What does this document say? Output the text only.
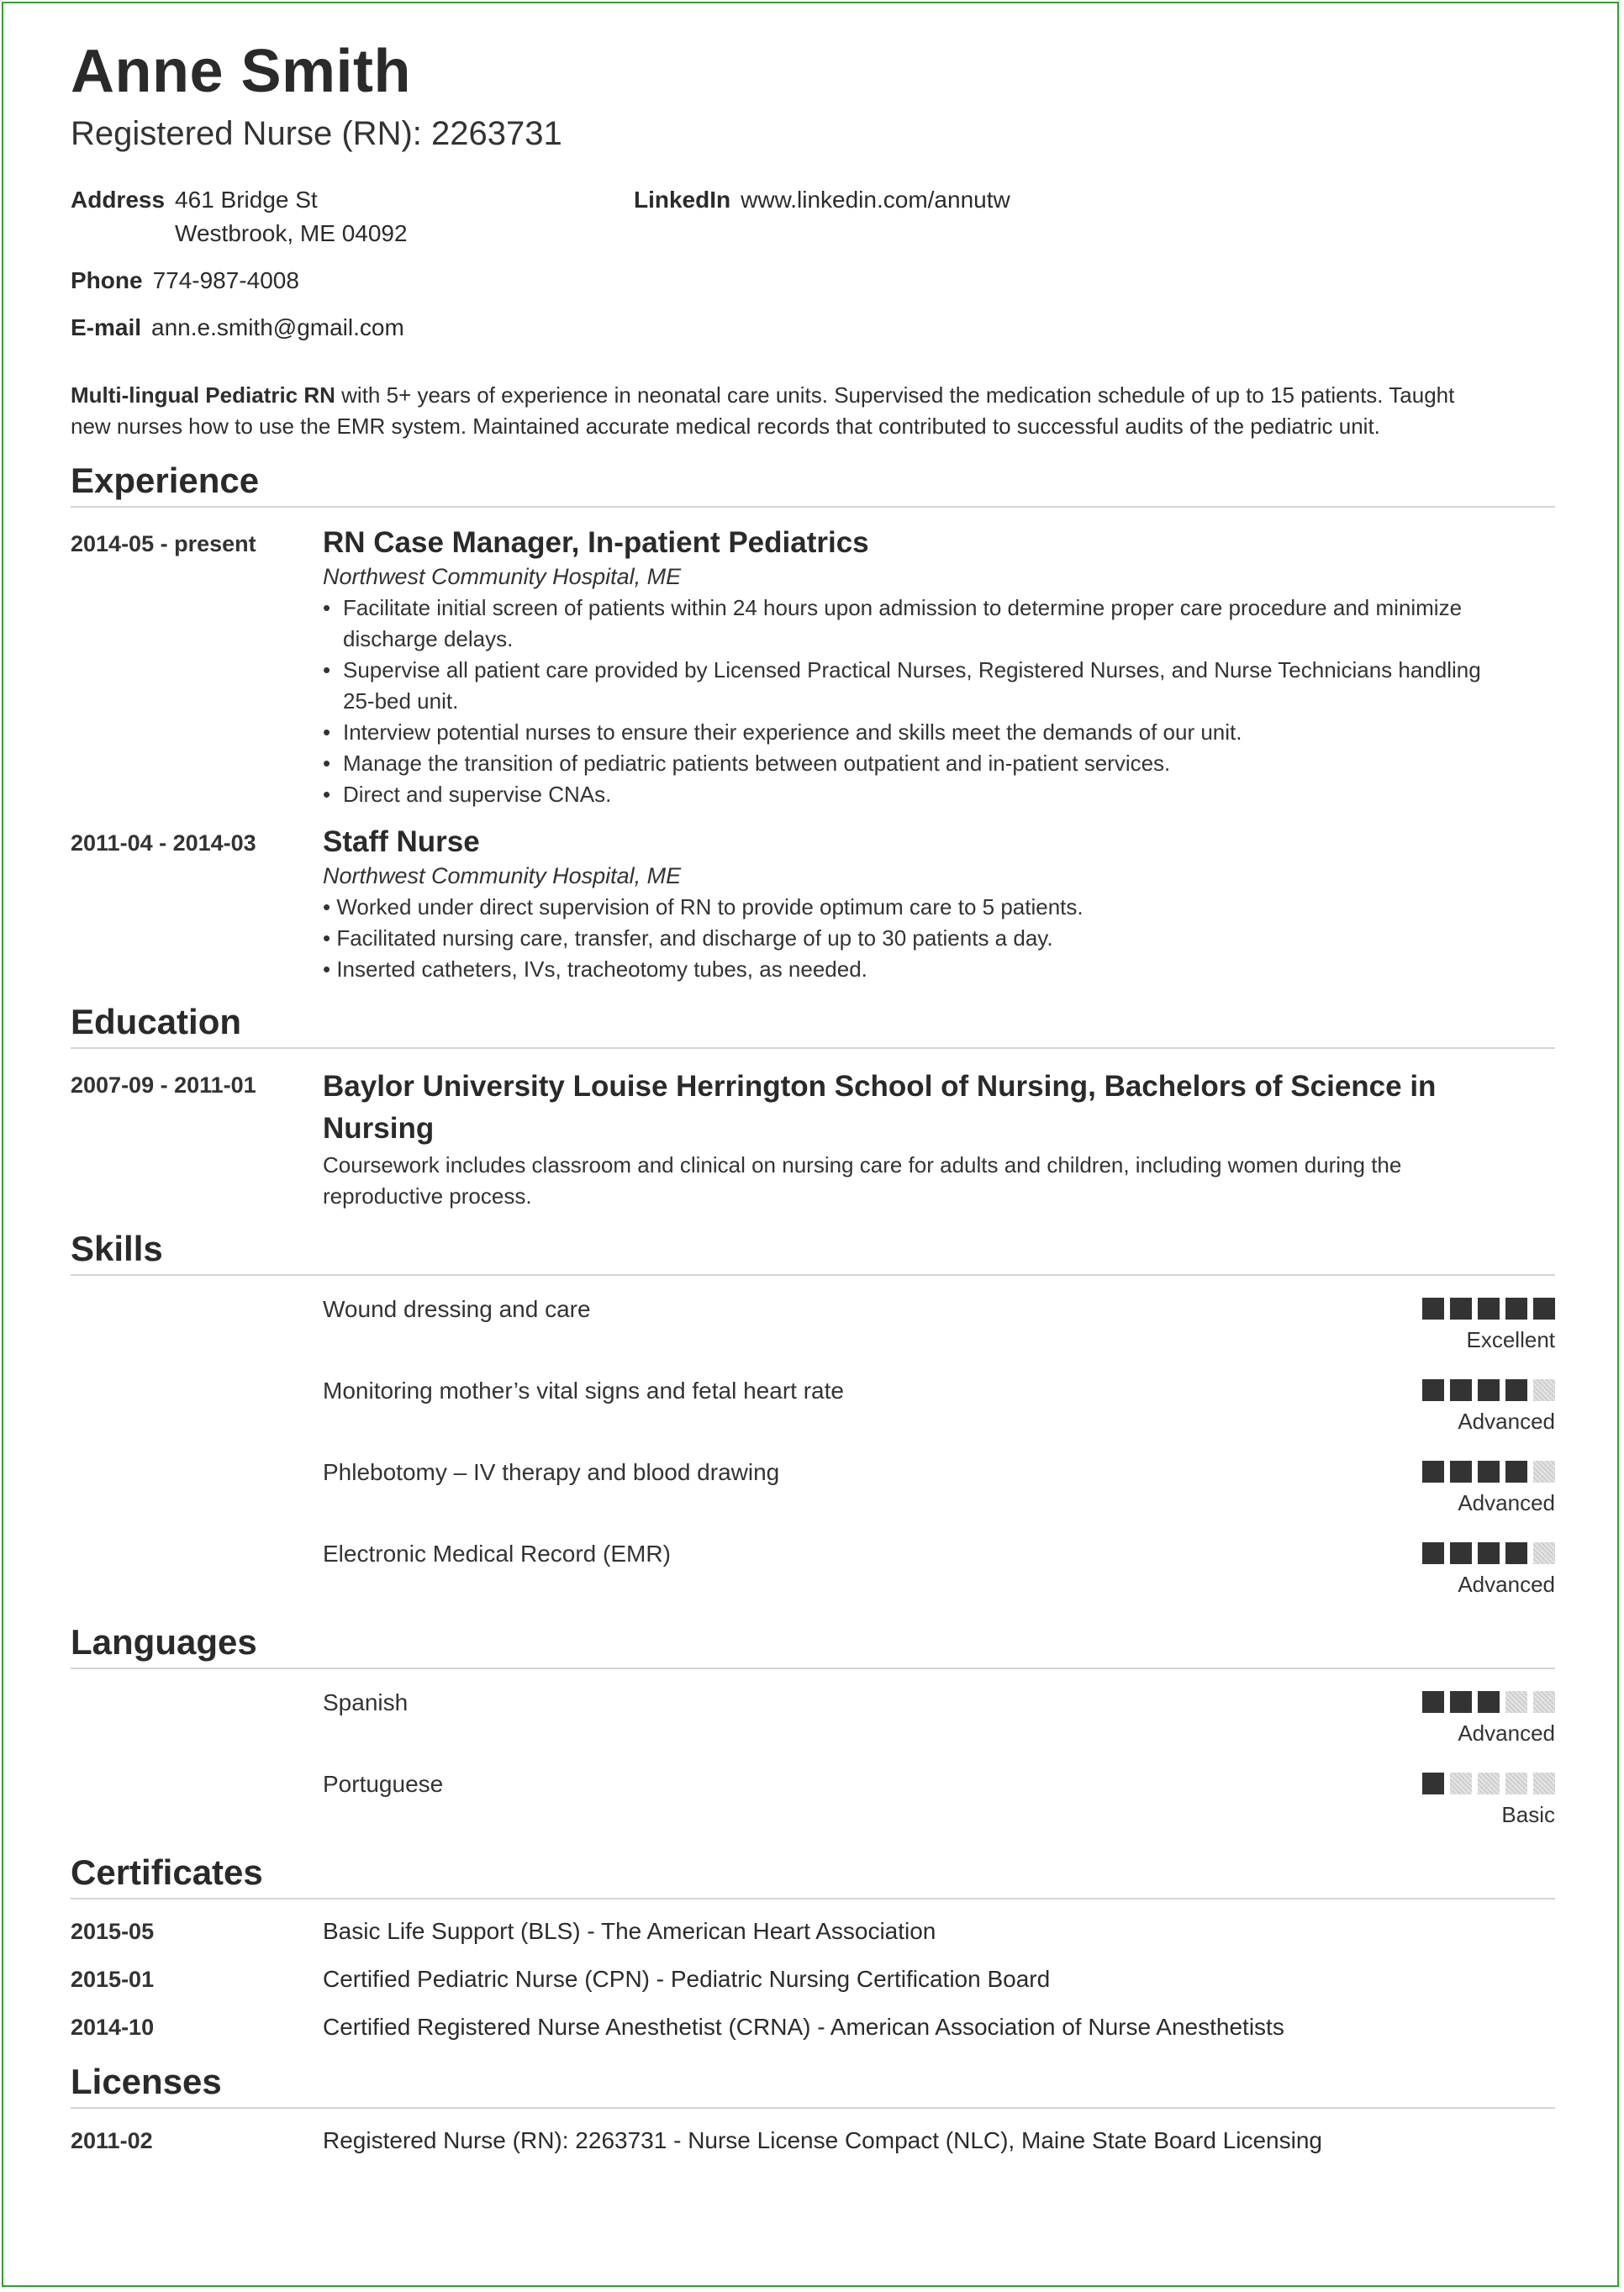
Anne Smith
Registered Nurse (RN): 2263731
Address 461 Bridge St
Westbrook, ME 04092
LinkedIn www.linkedin.com/annutw
Phone 774-987-4008
E-mail ann.e.smith@gmail.com
Multi-lingual Pediatric RN with 5+ years of experience in neonatal care units. Supervised the medication schedule of up to 15 patients. Taught
new nurses how to use the EMR system. Maintained accurate medical records that contributed to successful audits of the pediatric unit.
Experience
2014-05 - present RN Case Manager, In-patient Pediatrics
Northwest Community Hospital, ME
• Facilitate initial screen of patients within 24 hours upon admission to determine proper care procedure and minimize
discharge delays.
• Supervise all patient care provided by Licensed Practical Nurses, Registered Nurses, and Nurse Technicians handling
25-bed unit.
• Interview potential nurses to ensure their experience and skills meet the demands of our unit.
• Manage the transition of pediatric patients between outpatient and in-patient services.
• Direct and supervise CNAs.
2011-04 - 2014-03 Staff Nurse
Northwest Community Hospital, ME
• Worked under direct supervision of RN to provide optimum care to 5 patients.
• Facilitated nursing care, transfer, and discharge of up to 30 patients a day.
• Inserted catheters, IVs, tracheotomy tubes, as needed.
Education
2007-09 - 2011-01 Baylor University Louise Herrington School of Nursing, Bachelors of Science in
Nursing
Coursework includes classroom and clinical on nursing care for adults and children, including women during the
reproductive process.
Skills
Wound dressing and care
Excellent
Monitoring mother’s vital signs and fetal heart rate
Advanced
Phlebotomy – IV therapy and blood drawing
Advanced
Electronic Medical Record (EMR)
Advanced
Languages
Spanish
Advanced
Portuguese
Basic
Certificates
2015-05	Basic Life Support (BLS) - The American Heart Association
2015-01	Certified Pediatric Nurse (CPN) - Pediatric Nursing Certification Board
2014-10	Certified Registered Nurse Anesthetist (CRNA) - American Association of Nurse Anesthetists
Licenses
2011-02	Registered Nurse (RN): 2263731 - Nurse License Compact (NLC), Maine State Board Licensing
